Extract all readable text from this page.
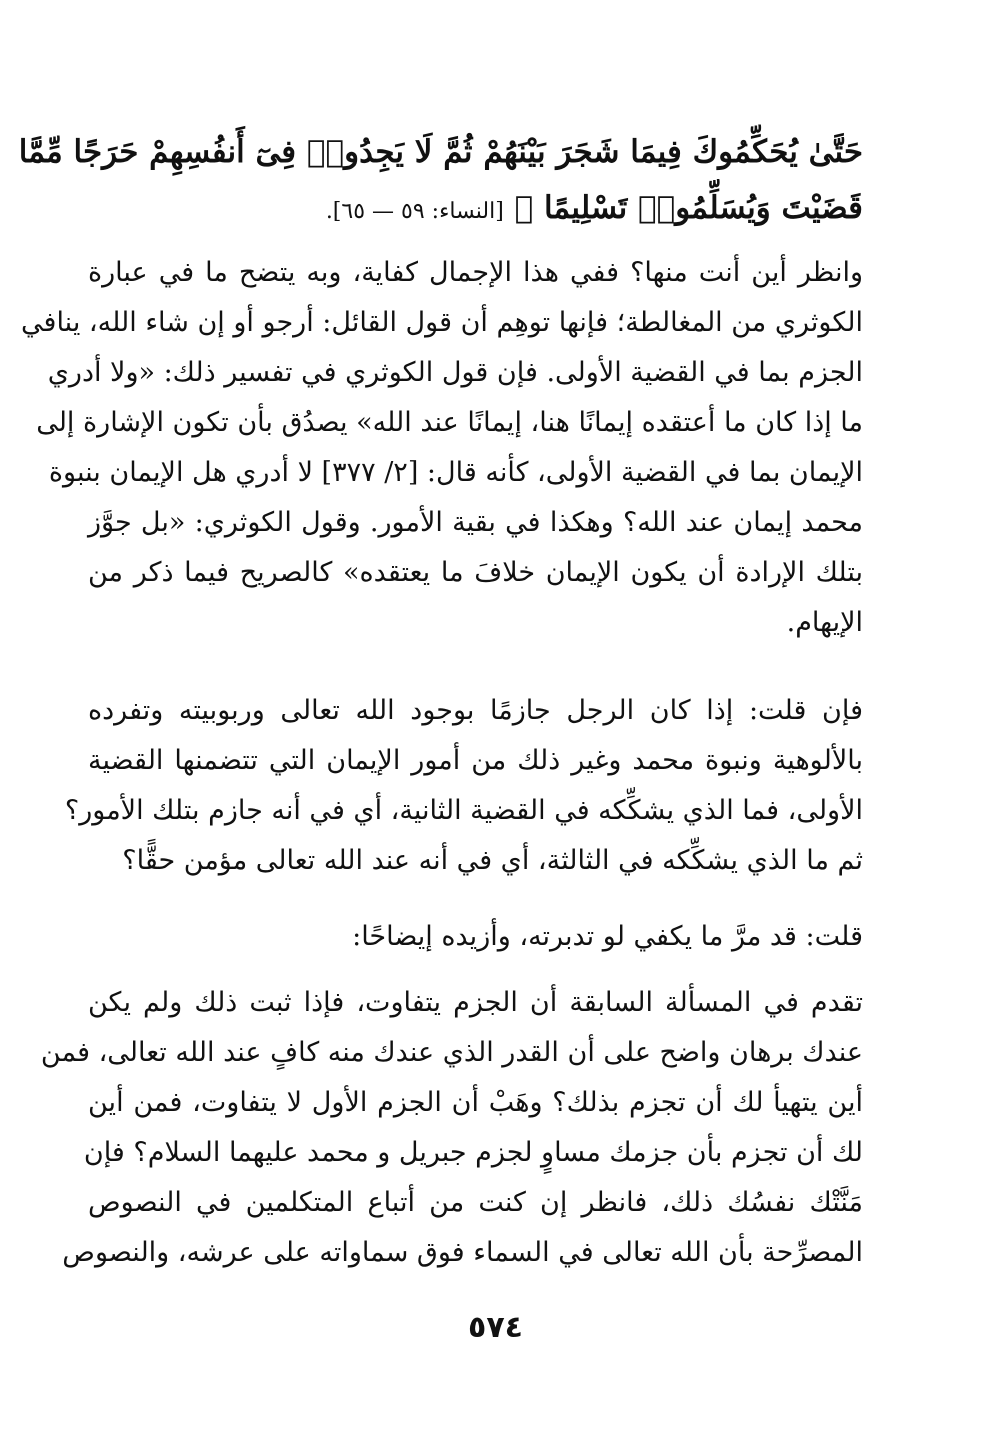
حَتَّىٰ يُحَكِّمُوكَ فِيمَا شَجَرَ بَيْنَهُمْ ثُمَّ لَا يَجِدُوا۟ فِىٓ أَنفُسِهِمْ حَرَجًا مِّمَّا
قَضَيْتَ وَيُسَلِّمُوا۟ تَسْلِيمًا ﴾ [النساء: ٥٩ — ٦٥].
وانظر أين أنت منها؟ ففي هذا الإجمال كفاية، وبه يتضح ما في عبارة
الكوثري من المغالطة؛ فإنها توهِم أن قول القائل: أرجو أو إن شاء الله، ينافي
الجزم بما في القضية الأولى. فإن قول الكوثري في تفسير ذلك: «ولا أدري
ما إذا كان ما أعتقده إيمانًا هنا، إيمانًا عند الله» يصدُق بأن تكون الإشارة إلى
الإيمان بما في القضية الأولى، كأنه قال: [٢/ ٣٧٧] لا أدري هل الإيمان بنبوة
محمد إيمان عند الله؟ وهكذا في بقية الأمور. وقول الكوثري: «بل جوَّز
بتلك الإرادة أن يكون الإيمان خلافَ ما يعتقده» كالصريح فيما ذكر من
الإيهام.
فإن قلت: إذا كان الرجل جازمًا بوجود الله تعالى وربوبيته وتفرده
بالألوهية ونبوة محمد وغير ذلك من أمور الإيمان التي تتضمنها القضية
الأولى، فما الذي يشكِّكه في القضية الثانية، أي في أنه جازم بتلك الأمور؟
ثم ما الذي يشكِّكه في الثالثة، أي في أنه عند الله تعالى مؤمن حقًّا؟
قلت: قد مرَّ ما يكفي لو تدبرته، وأزيده إيضاحًا:
تقدم في المسألة السابقة أن الجزم يتفاوت، فإذا ثبت ذلك ولم يكن
عندك برهان واضح على أن القدر الذي عندك منه كافٍ عند الله تعالى، فمن
أين يتهيأ لك أن تجزم بذلك؟ وهَبْ أن الجزم الأول لا يتفاوت، فمن أين
لك أن تجزم بأن جزمك مساوٍ لجزم جبريل و محمد عليهما السلام؟ فإن
مَنَّتْك نفسُك ذلك، فانظر إن كنت من أتباع المتكلمين في النصوص
المصرِّحة بأن الله تعالى في السماء فوق سماواته على عرشه، والنصوص
٥٧٤
